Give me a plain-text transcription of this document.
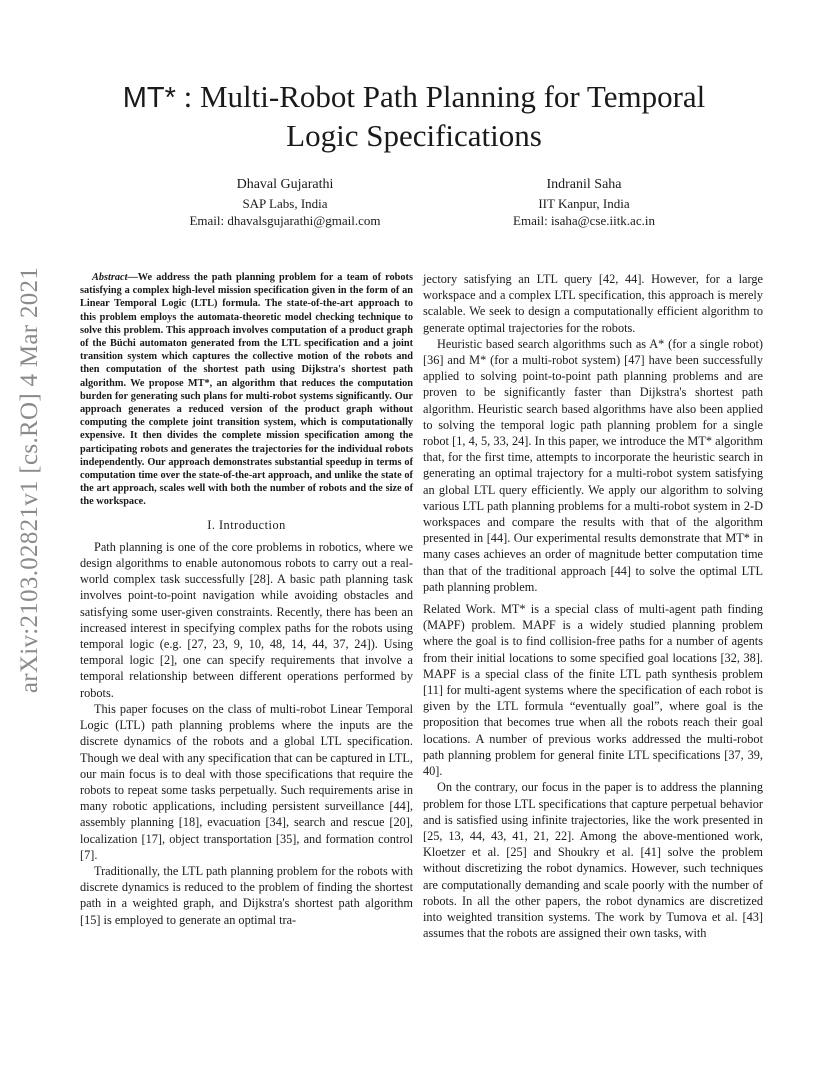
arXiv:2103.02821v1 [cs.RO] 4 Mar 2021
MT* : Multi-Robot Path Planning for Temporal
Logic Specifications
Dhaval Gujarathi
SAP Labs, India
Email: dhavalsgujarathi@gmail.com
Indranil Saha
IIT Kanpur, India
Email: isaha@cse.iitk.ac.in

Abstract—We address the path planning problem for a team of robots satisfying a complex high-level mission specification given in the form of an Linear Temporal Logic (LTL) formula. The state-of-the-art approach to this problem employs the automata-theoretic model checking technique to solve this problem. This approach involves computation of a product graph of the Büchi automaton generated from the LTL specification and a joint transition system which captures the collective motion of the robots and then computation of the shortest path using Dijkstra's shortest path algorithm. We propose MT*, an algorithm that reduces the computation burden for generating such plans for multi-robot systems significantly. Our approach generates a reduced version of the product graph without computing the complete joint transition system, which is computationally expensive. It then divides the complete mission specification among the participating robots and generates the trajectories for the individual robots independently. Our approach demonstrates substantial speedup in terms of computation time over the state-of-the-art approach, and unlike the state of the art approach, scales well with both the number of robots and the size of the workspace.

I. Introduction

Path planning is one of the core problems in robotics, where we design algorithms to enable autonomous robots to carry out a real-world complex task successfully [28]. A basic path planning task involves point-to-point navigation while avoiding obstacles and satisfying some user-given constraints. Recently, there has been an increased interest in specifying complex paths for the robots using temporal logic (e.g. [27, 23, 9, 10, 48, 14, 44, 37, 24]). Using temporal logic [2], one can specify requirements that involve a temporal relationship between different operations performed by robots.

This paper focuses on the class of multi-robot Linear Temporal Logic (LTL) path planning problems where the inputs are the discrete dynamics of the robots and a global LTL specification. Though we deal with any specification that can be captured in LTL, our main focus is to deal with those specifications that require the robots to repeat some tasks perpetually. Such requirements arise in many robotic applications, including persistent surveillance [44], assembly planning [18], evacuation [34], search and rescue [20], localization [17], object transportation [35], and formation control [7].

Traditionally, the LTL path planning problem for the robots with discrete dynamics is reduced to the problem of finding the shortest path in a weighted graph, and Dijkstra's shortest path algorithm [15] is employed to generate an optimal tra-

jectory satisfying an LTL query [42, 44]. However, for a large workspace and a complex LTL specification, this approach is merely scalable. We seek to design a computationally efficient algorithm to generate optimal trajectories for the robots.

Heuristic based search algorithms such as A* (for a single robot) [36] and M* (for a multi-robot system) [47] have been successfully applied to solving point-to-point path planning problems and are proven to be significantly faster than Dijkstra's shortest path algorithm. Heuristic search based algorithms have also been applied to solving the temporal logic path planning problem for a single robot [1, 4, 5, 33, 24]. In this paper, we introduce the MT* algorithm that, for the first time, attempts to incorporate the heuristic search in generating an optimal trajectory for a multi-robot system satisfying an global LTL query efficiently. We apply our algorithm to solving various LTL path planning problems for a multi-robot system in 2-D workspaces and compare the results with that of the algorithm presented in [44]. Our experimental results demonstrate that MT* in many cases achieves an order of magnitude better computation time than that of the traditional approach [44] to solve the optimal LTL path planning problem.

Related Work. MT* is a special class of multi-agent path finding (MAPF) problem. MAPF is a widely studied planning problem where the goal is to find collision-free paths for a number of agents from their initial locations to some specified goal locations [32, 38]. MAPF is a special class of the finite LTL path synthesis problem [11] for multi-agent systems where the specification of each robot is given by the LTL formula “eventually goal”, where goal is the proposition that becomes true when all the robots reach their goal locations. A number of previous works addressed the multi-robot path planning problem for general finite LTL specifications [37, 39, 40].

On the contrary, our focus in the paper is to address the planning problem for those LTL specifications that capture perpetual behavior and is satisfied using infinite trajectories, like the work presented in [25, 13, 44, 43, 41, 21, 22]. Among the above-mentioned work, Kloetzer et al. [25] and Shoukry et al. [41] solve the problem without discretizing the robot dynamics. However, such techniques are computationally demanding and scale poorly with the number of robots. In all the other papers, the robot dynamics are discretized into weighted transition systems. The work by Tumova et al. [43] assumes that the robots are assigned their own tasks, with
